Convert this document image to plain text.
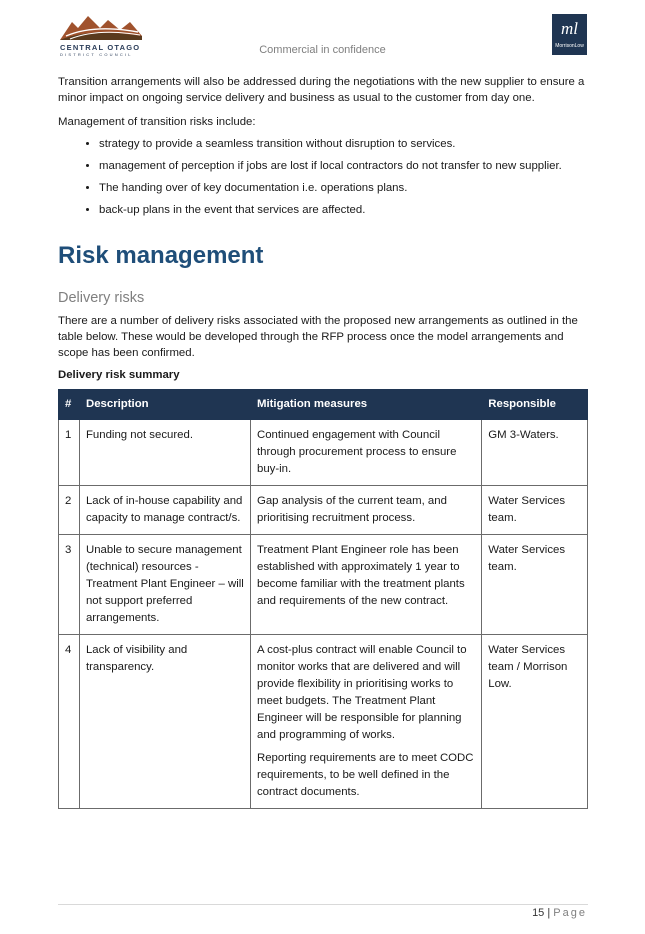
CENTRAL OTAGO
DISTRICT COUNCIL	Commercial in confidence
ml
MorrisonLow

Transition arrangements will also be addressed during the negotiations with the new supplier to ensure a minor impact on ongoing service delivery and business as usual to the customer from day one.

Management of transition risks include:

• strategy to provide a seamless transition without disruption to services.
• management of perception if jobs are lost if local contractors do not transfer to new supplier.
• The handing over of key documentation i.e. operations plans.
• back-up plans in the event that services are affected.
Risk management
Delivery risks

There are a number of delivery risks associated with the proposed new arrangements as outlined in the table below. These would be developed through the RFP process once the model arrangements and scope has been confirmed.

Delivery risk summary
#	Description	Mitigation measures	Responsible
1	Funding not secured.	Continued engagement with Council through procurement process to ensure buy-in.	GM 3-Waters.
2	Lack of in-house capability and capacity to manage contract/s.	Gap analysis of the current team, and prioritising recruitment process.	Water Services team.
3	Unable to secure management (technical) resources - Treatment Plant Engineer – will not support preferred arrangements.	Treatment Plant Engineer role has been established with approximately 1 year to become familiar with the treatment plants and requirements of the new contract.	Water Services team.
4	Lack of visibility and transparency.	A cost-plus contract will enable Council to monitor works that are delivered and will provide flexibility in prioritising works to meet budgets. The Treatment Plant Engineer will be responsible for planning and programming of works.
Reporting requirements are to meet CODC requirements, to be well defined in the contract documents.	Water Services team / Morrison Low.
15 | Page
